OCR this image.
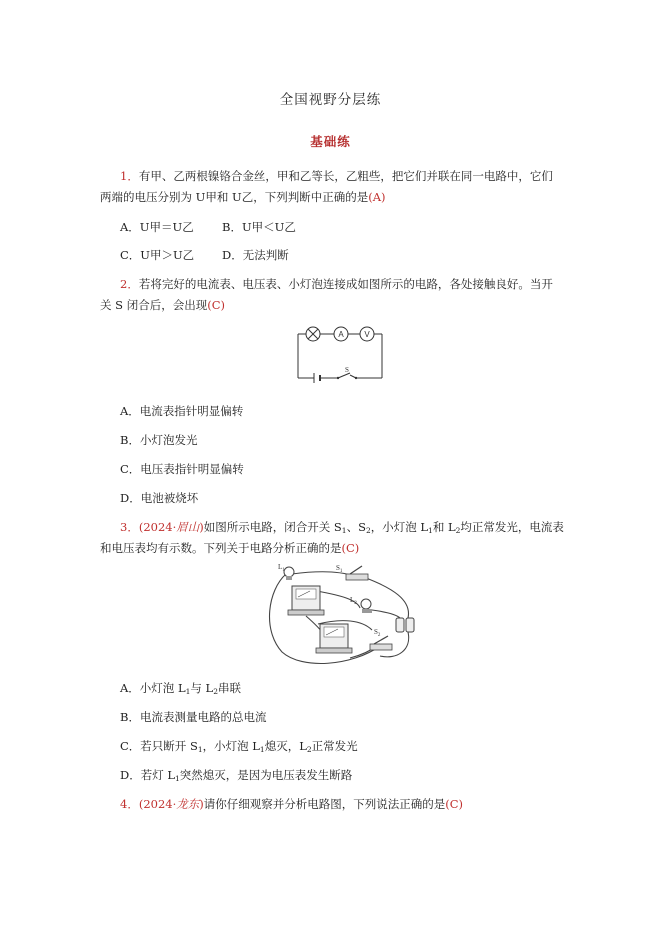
全国视野分层练
基础练
1．有甲、乙两根镍铬合金丝，甲和乙等长，乙粗些，把它们并联在同一电路中，它们
两端的电压分别为 U甲和 U乙，下列判断中正确的是(A)
A．U甲＝U乙 B．U甲＜U乙
C．U甲＞U乙 D．无法判断
2．若将完好的电流表、电压表、小灯泡连接成如图所示的电路，各处接触良好。当开
关 S 闭合后，会出现(C)
A	V
S
A．电流表指针明显偏转
B．小灯泡发光
C．电压表指针明显偏转
D．电池被烧坏
3．(2024·眉山)如图所示电路，闭合开关 $S_1$、$S_2$，小灯泡 $L_1$和 $L_2$均正常发光，电流表
和电压表均有示数。下列关于电路分析正确的是(C)
$L_1$	$S_1$
$L_2$
$S_2$
A．小灯泡 $L_1$与 $L_2$串联
B．电流表测量电路的总电流
C．若只断开 $S_1$，小灯泡 $L_1$熄灭，$L_2$正常发光
D．若灯 $L_1$突然熄灭，是因为电压表发生断路
4．(2024·龙东)请你仔细观察并分析电路图，下列说法正确的是(C)
